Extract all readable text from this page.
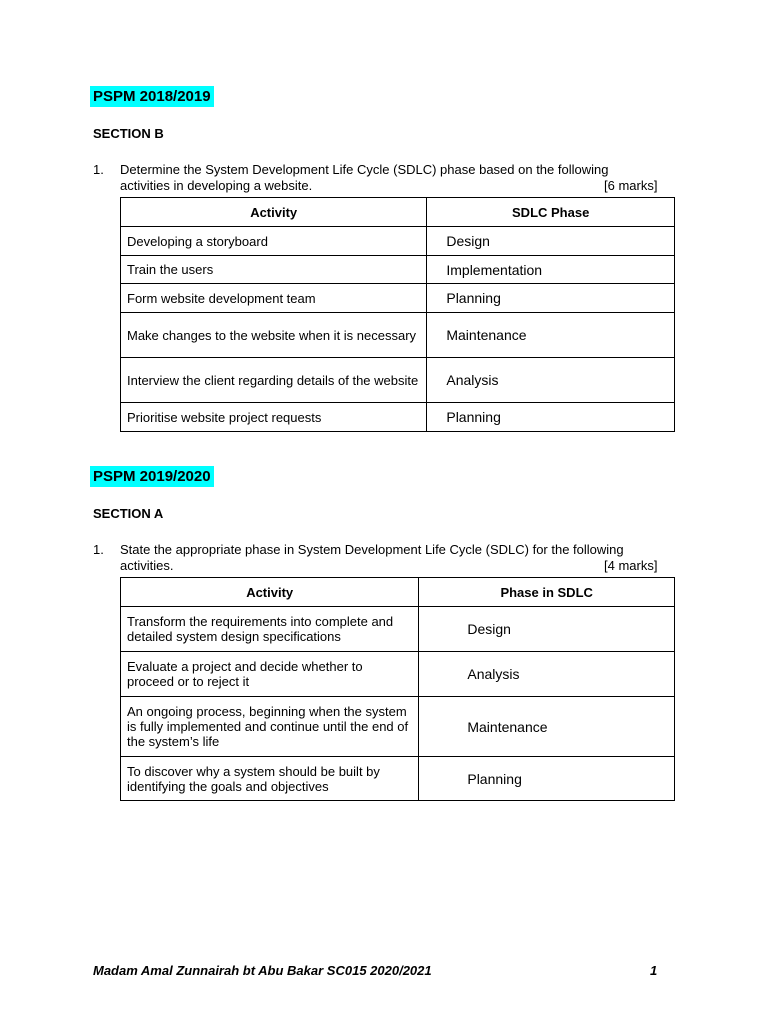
PSPM 2018/2019
SECTION B
1. Determine the System Development Life Cycle (SDLC) phase based on the following
activities in developing a website.	[6 marks]
Activity	SDLC Phase
Developing a storyboard	Design
Train the users	Implementation
Form website development team	Planning
Make changes to the website when it is necessary	Maintenance
Interview the client regarding details of the website	Analysis
Prioritise website project requests	Planning
PSPM 2019/2020
SECTION A
1. State the appropriate phase in System Development Life Cycle (SDLC) for the following
activities.	[4 marks]
Activity	Phase in SDLC
Transform the requirements into complete and detailed system design specifications	Design
Evaluate a project and decide whether to proceed or to reject it	Analysis
An ongoing process, beginning when the system is fully implemented and continue until the end of the system’s life	Maintenance
To discover why a system should be built by identifying the goals and objectives	Planning
Madam Amal Zunnairah bt Abu Bakar SC015 2020/2021	1
